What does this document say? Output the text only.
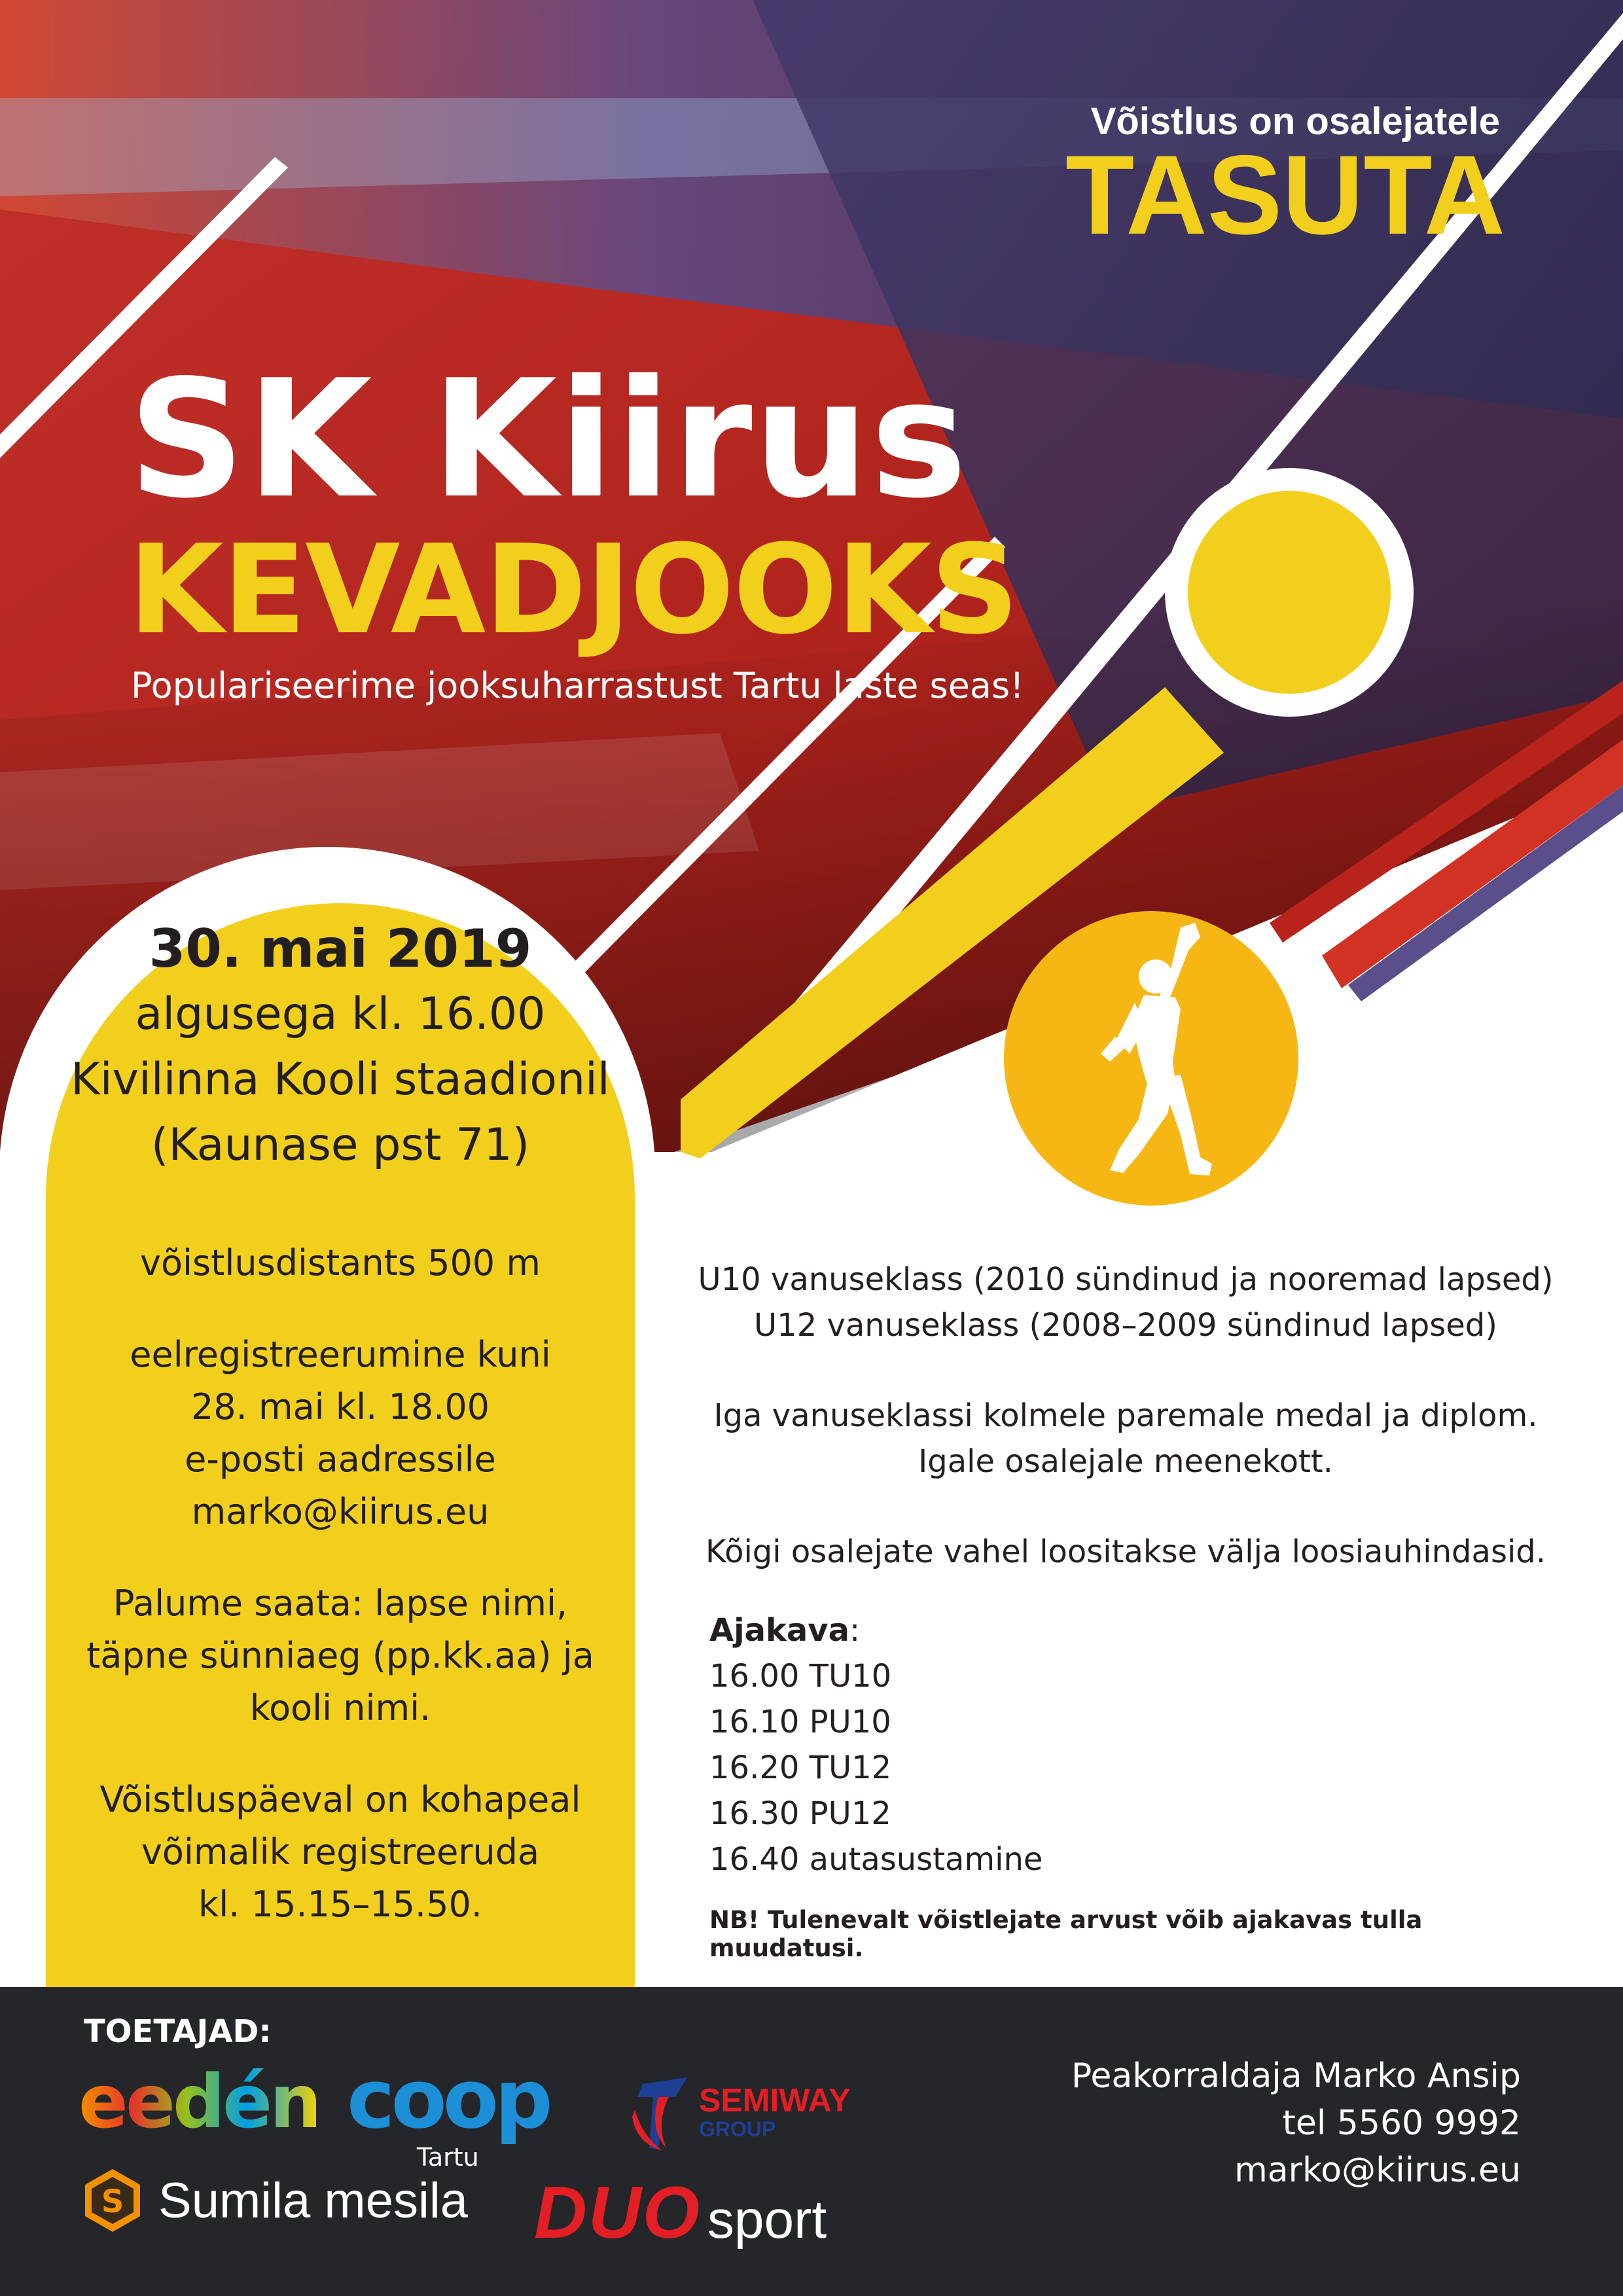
Võistlus on osalejatele
TASUTA
SK Kiirus
KEVADJOOKS
Populariseerime jooksuharrastust Tartu laste seas!
30. mai 2019
algusega kl. 16.00
Kivilinna Kooli staadionil
(Kaunase pst 71)
võistlusdistants 500 m
eelregistreerumine kuni
28. mai kl. 18.00
e-posti aadressile
marko@kiirus.eu
Palume saata: lapse nimi,
täpne sünniaeg (pp.kk.aa) ja
kooli nimi.
Võistluspäeval on kohapeal
võimalik registreeruda
kl. 15.15–15.50.
U10 vanuseklass (2010 sündinud ja nooremad lapsed)
U12 vanuseklass (2008–2009 sündinud lapsed)
Iga vanuseklassi kolmele paremale medal ja diplom.
Igale osalejale meenekott.
Kõigi osalejate vahel loositakse välja loosiauhindasid.
Ajakava:
16.00 TU10
16.10 PU10
16.20 TU12
16.30 PU12
16.40 autasustamine
NB! Tulenevalt võistlejate arvust võib ajakavas tulla muudatusi.
TOETAJAD:
eedén coop
Tartu
SEMIWAY
GROUP
S Sumila mesila DUO sport
Peakorraldaja Marko Ansip
tel 5560 9992
marko@kiirus.eu
